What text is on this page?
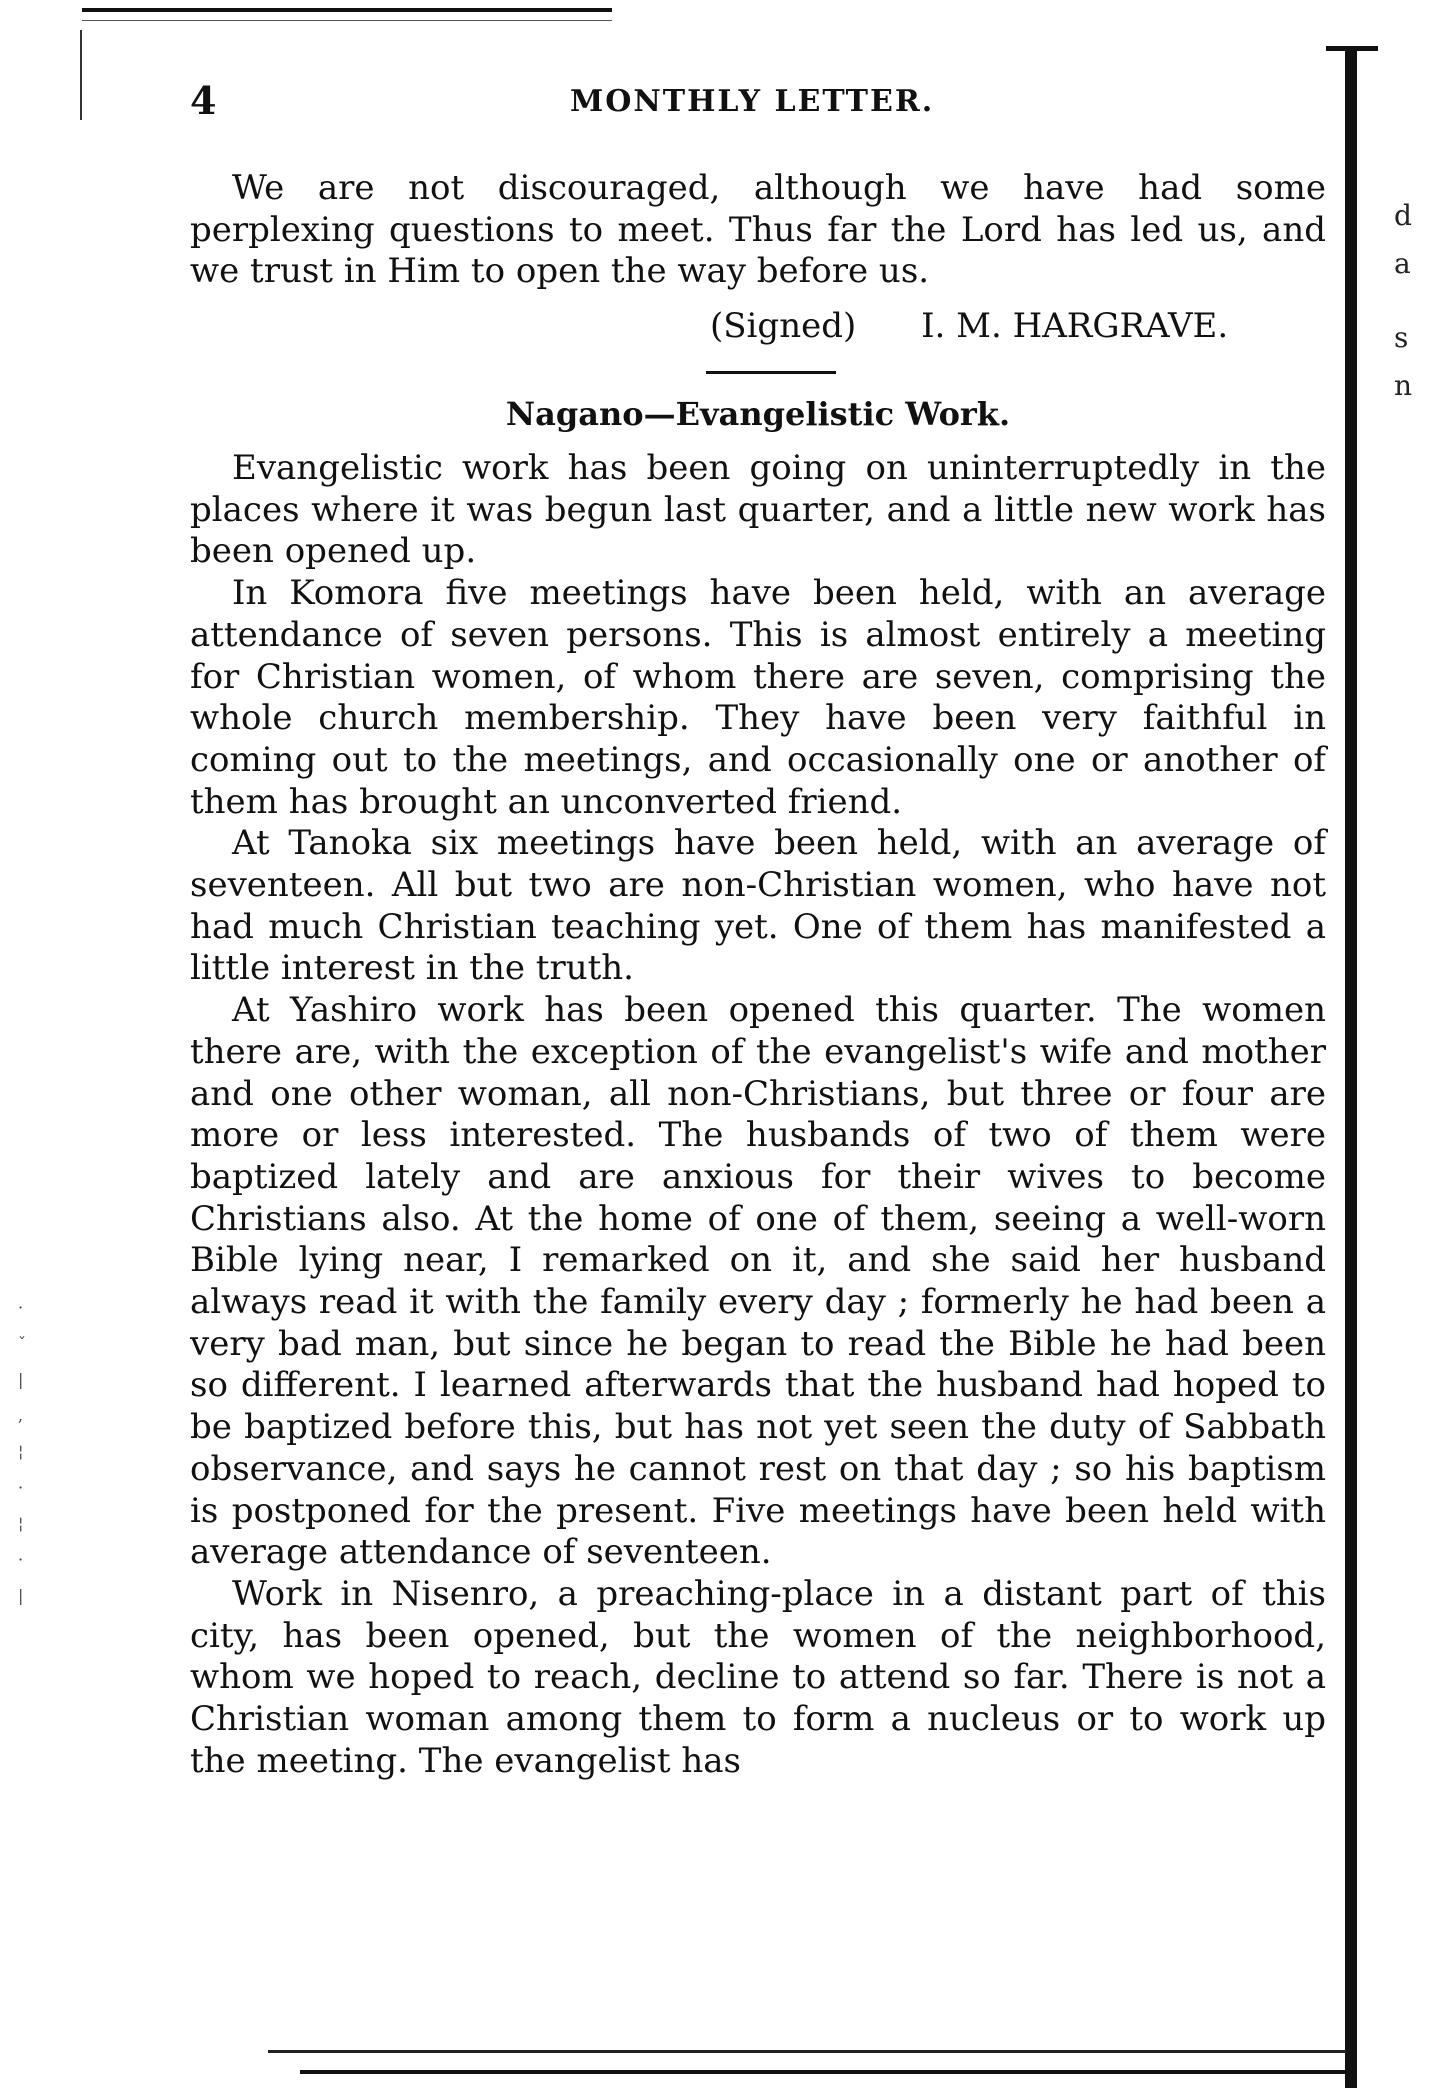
d
a
s
n
4	MONTHLY LETTER.

We are not discouraged, although we have had some perplexing questions to meet. Thus far the Lord has led us, and we trust in Him to open the way before us.

(Signed)      I. M. HARGRAVE.
Nagano—Evangelistic Work.

Evangelistic work has been going on uninterruptedly in the places where it was begun last quarter, and a little new work has been opened up.

In Komora five meetings have been held, with an average attendance of seven persons. This is almost entirely a meeting for Christian women, of whom there are seven, comprising the whole church membership. They have been very faithful in coming out to the meetings, and occasionally one or another of them has brought an unconverted friend.

At Tanoka six meetings have been held, with an average of seventeen. All but two are non-Christian women, who have not had much Christian teaching yet. One of them has manifested a little interest in the truth.

At Yashiro work has been opened this quarter. The women there are, with the exception of the evangelist's wife and mother and one other woman, all non-Christians, but three or four are more or less interested. The husbands of two of them were baptized lately and are anxious for their wives to become Christians also. At the home of one of them, seeing a well-worn Bible lying near, I remarked on it, and she said her husband always read it with the family every day ; formerly he had been a very bad man, but since he began to read the Bible he had been so different. I learned afterwards that the husband had hoped to be baptized before this, but has not yet seen the duty of Sabbath observance, and says he cannot rest on that day ; so his baptism is postponed for the present. Five meetings have been held with average attendance of seventeen.

Work in Nisenro, a preaching-place in a distant part of this city, has been opened, but the women of the neighborhood, whom we hoped to reach, decline to attend so far. There is not a Christian woman among them to form a nucleus or to work up the meeting. The evangelist has

·
ˇ
|
,
¦
·
¦
·
|
